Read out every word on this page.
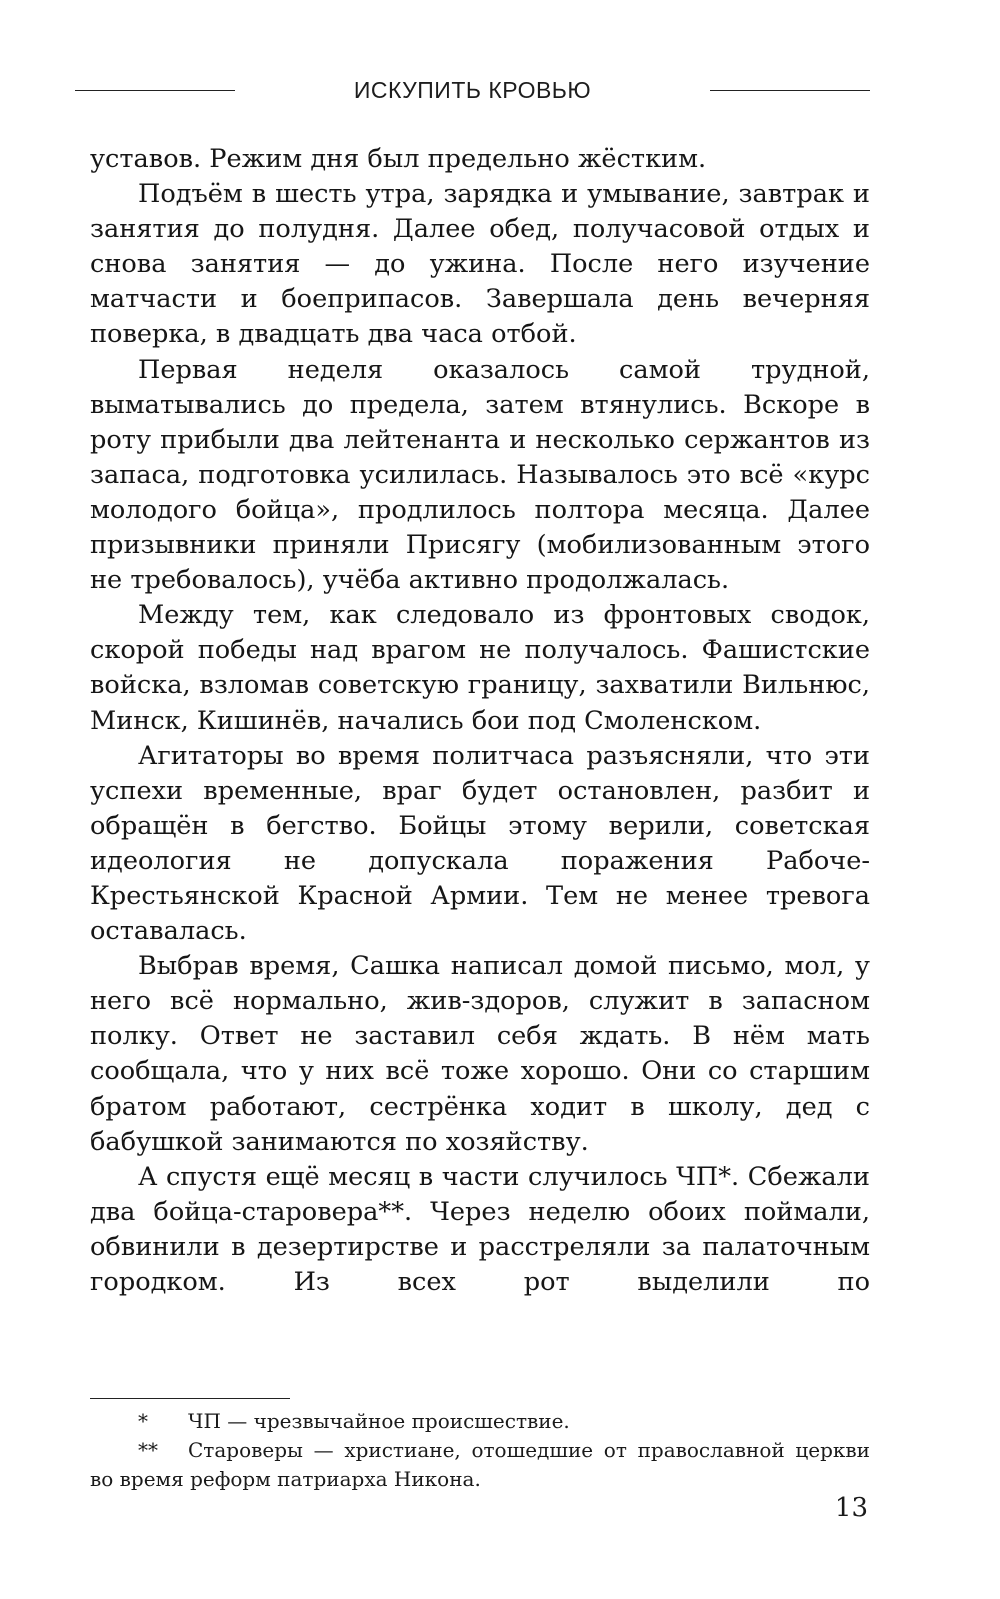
ИСКУПИТЬ КРОВЬЮ

уставов. Режим дня был предельно жёстким.

Подъём в шесть утра, зарядка и умывание, завтрак и занятия до полудня. Далее обед, получасовой отдых и снова занятия — до ужина. После него изучение матчасти и боеприпасов. Завершала день вечерняя поверка, в двадцать два часа отбой.

Первая неделя оказалось самой трудной, выматывались до предела, затем втянулись. Вскоре в роту прибыли два лейтенанта и несколько сержантов из запаса, подготовка усилилась. Называлось это всё «курс молодого бойца», продлилось полтора месяца. Далее призывники приняли Присягу (мобилизованным этого не требовалось), учёба активно продолжалась.

Между тем, как следовало из фронтовых сводок, скорой победы над врагом не получалось. Фашистские войска, взломав советскую границу, захватили Вильнюс, Минск, Кишинёв, начались бои под Смоленском.

Агитаторы во время политчаса разъясняли, что эти успехи временные, враг будет остановлен, разбит и обращён в бегство. Бойцы этому верили, советская идеология не допускала поражения Рабоче-Крестьянской Красной Армии. Тем не менее тревога оставалась.

Выбрав время, Сашка написал домой письмо, мол, у него всё нормально, жив-здоров, служит в запасном полку. Ответ не заставил себя ждать. В нём мать сообщала, что у них всё тоже хорошо. Они со старшим братом работают, сестрёнка ходит в школу, дед с бабушкой занимаются по хозяйству.

А спустя ещё месяц в части случилось ЧП*. Сбежали два бойца-старовера**. Через неделю обоих поймали, обвинили в дезертирстве и расстреляли за палаточным городком. Из всех рот выделили по

* ЧП — чрезвычайное происшествие.

** Староверы — христиане, отошедшие от православной церкви во время реформ патриарха Никона.

13
